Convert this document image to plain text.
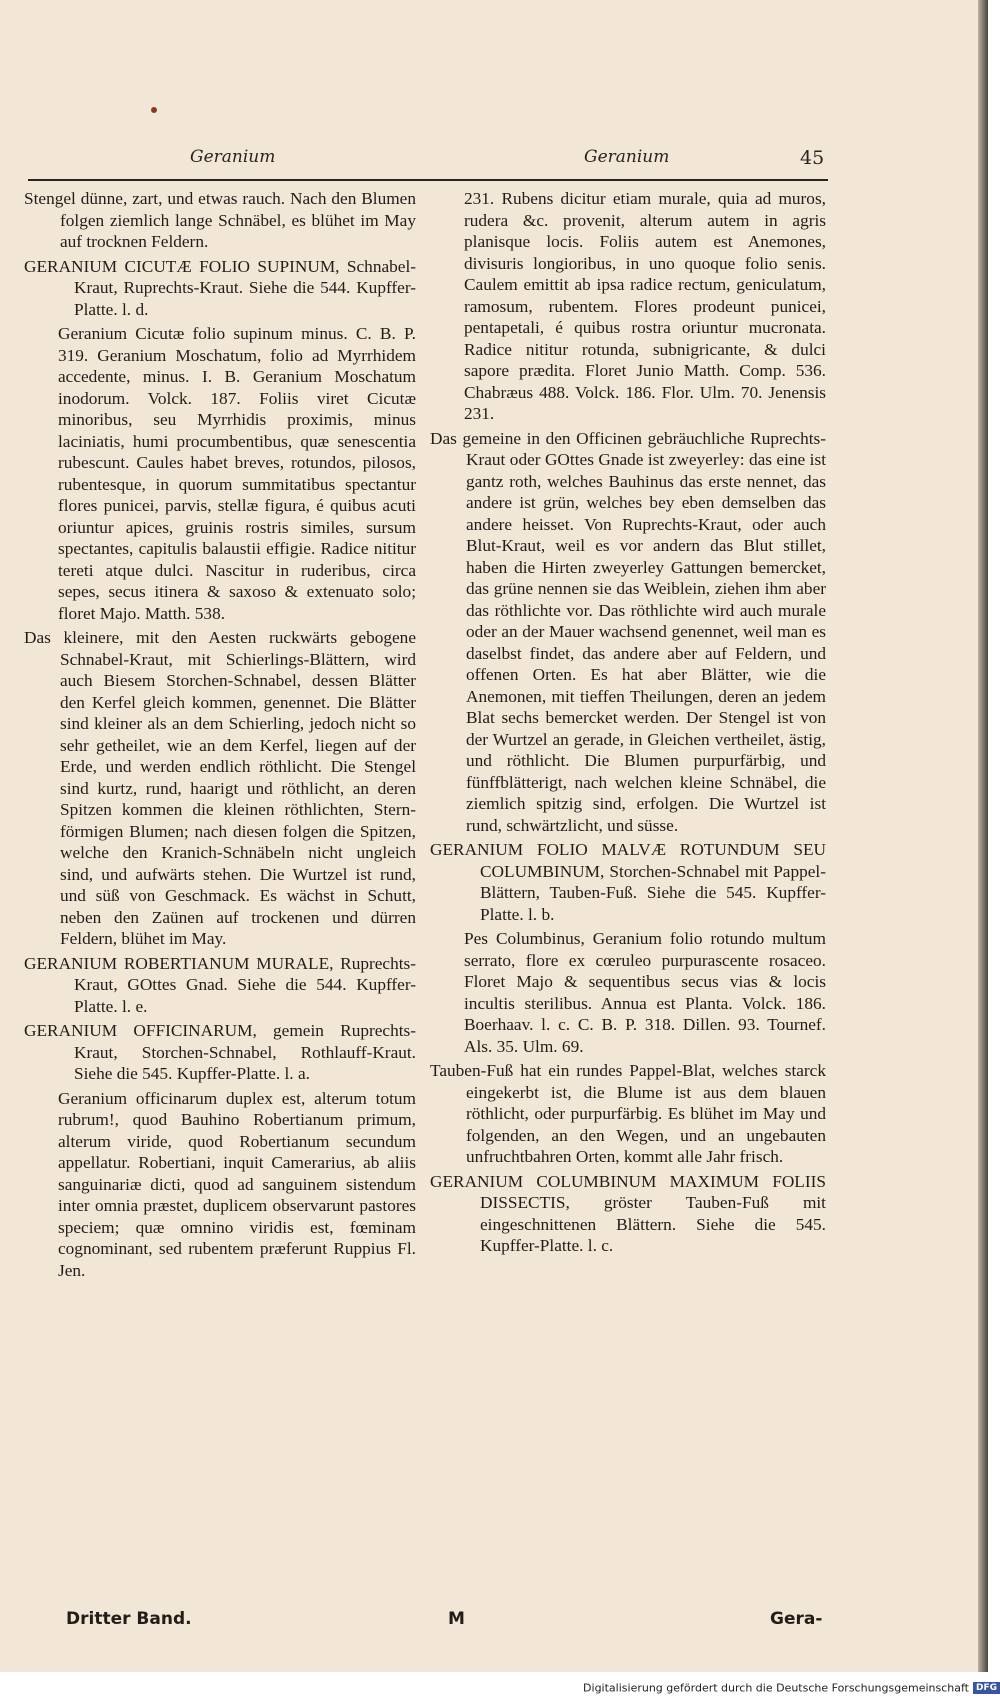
Geranium	Geranium	45

Stengel dünne, zart, und etwas rauch. Nach den Blumen folgen ziemlich lange Schnäbel, es blühet im May auf trocknen Feldern.

GERANIUM CICUTÆ FOLIO SUPINUM, Schnabel-Kraut, Ruprechts-Kraut. Siehe die 544. Kupffer-Platte. l. d.

Geranium Cicutæ folio supinum minus. C. B. P. 319. Geranium Moschatum, folio ad Myrrhidem accedente, minus. I. B. Geranium Moschatum inodorum. Volck. 187. Foliis viret Cicutæ minoribus, seu Myrrhidis proximis, minus laciniatis, humi procumbentibus, quæ senescentia rubescunt. Caules habet breves, rotundos, pilosos, rubentesque, in quorum summitatibus spectantur flores punicei, parvis, stellæ figura, é quibus acuti oriuntur apices, gruinis rostris similes, sursum spectantes, capitulis balaustii effigie. Radice nititur tereti atque dulci. Nascitur in ruderibus, circa sepes, secus itinera & saxoso & extenuato solo; floret Majo. Matth. 538.

Das kleinere, mit den Aesten ruckwärts gebogene Schnabel-Kraut, mit Schierlings-Blättern, wird auch Biesem Storchen-Schnabel, dessen Blätter den Kerfel gleich kommen, genennet. Die Blätter sind kleiner als an dem Schierling, jedoch nicht so sehr getheilet, wie an dem Kerfel, liegen auf der Erde, und werden endlich röthlicht. Die Stengel sind kurtz, rund, haarigt und röthlicht, an deren Spitzen kommen die kleinen röthlichten, Stern-förmigen Blumen; nach diesen folgen die Spitzen, welche den Kranich-Schnäbeln nicht ungleich sind, und aufwärts stehen. Die Wurtzel ist rund, und süß von Geschmack. Es wächst in Schutt, neben den Zaünen auf trockenen und dürren Feldern, blühet im May.

GERANIUM ROBERTIANUM MURALE, Ruprechts-Kraut, GOttes Gnad. Siehe die 544. Kupffer-Platte. l. e.

GERANIUM OFFICINARUM, gemein Ruprechts-Kraut, Storchen-Schnabel, Rothlauff-Kraut. Siehe die 545. Kupffer-Platte. l. a.

Geranium officinarum duplex est, alterum totum rubrum!, quod Bauhino Robertianum primum, alterum viride, quod Robertianum secundum appellatur. Robertiani, inquit Camerarius, ab aliis sanguinariæ dicti, quod ad sanguinem sistendum inter omnia præstet, duplicem observarunt pastores speciem; quæ omnino viridis est, fœminam cognominant, sed rubentem præferunt Ruppius Fl. Jen.

231. Rubens dicitur etiam murale, quia ad muros, rudera &c. provenit, alterum autem in agris planisque locis. Foliis autem est Anemones, divisuris longioribus, in uno quoque folio senis. Caulem emittit ab ipsa radice rectum, geniculatum, ramosum, rubentem. Flores prodeunt punicei, pentapetali, é quibus rostra oriuntur mucronata. Radice nititur rotunda, subnigricante, & dulci sapore prædita. Floret Junio Matth. Comp. 536. Chabræus 488. Volck. 186. Flor. Ulm. 70. Jenensis 231.

Das gemeine in den Officinen gebräuchliche Ruprechts-Kraut oder GOttes Gnade ist zweyerley: das eine ist gantz roth, welches Bauhinus das erste nennet, das andere ist grün, welches bey eben demselben das andere heisset. Von Ruprechts-Kraut, oder auch Blut-Kraut, weil es vor andern das Blut stillet, haben die Hirten zweyerley Gattungen bemercket, das grüne nennen sie das Weiblein, ziehen ihm aber das röthlichte vor. Das röthlichte wird auch murale oder an der Mauer wachsend genennet, weil man es daselbst findet, das andere aber auf Feldern, und offenen Orten. Es hat aber Blätter, wie die Anemonen, mit tieffen Theilungen, deren an jedem Blat sechs bemercket werden. Der Stengel ist von der Wurtzel an gerade, in Gleichen vertheilet, ästig, und röthlicht. Die Blumen purpurfärbig, und fünffblätterigt, nach welchen kleine Schnäbel, die ziemlich spitzig sind, erfolgen. Die Wurtzel ist rund, schwärtzlicht, und süsse.

GERANIUM FOLIO MALVÆ ROTUNDUM SEU COLUMBINUM, Storchen-Schnabel mit Pappel-Blättern, Tauben-Fuß. Siehe die 545. Kupffer-Platte. l. b.

Pes Columbinus, Geranium folio rotundo multum serrato, flore ex cœruleo purpurascente rosaceo. Floret Majo & sequentibus secus vias & locis incultis sterilibus. Annua est Planta. Volck. 186. Boerhaav. l. c. C. B. P. 318. Dillen. 93. Tournef. Als. 35. Ulm. 69.

Tauben-Fuß hat ein rundes Pappel-Blat, welches starck eingekerbt ist, die Blume ist aus dem blauen röthlicht, oder purpurfärbig. Es blühet im May und folgenden, an den Wegen, und an ungebauten unfruchtbahren Orten, kommt alle Jahr frisch.

GERANIUM COLUMBINUM MAXIMUM FOLIIS DISSECTIS, gröster Tauben-Fuß mit eingeschnittenen Blättern. Siehe die 545. Kupffer-Platte. l. c.

Dritter Band.	M	Gera-
Digitalisierung gefördert durch die Deutsche Forschungsgemeinschaft DFG
